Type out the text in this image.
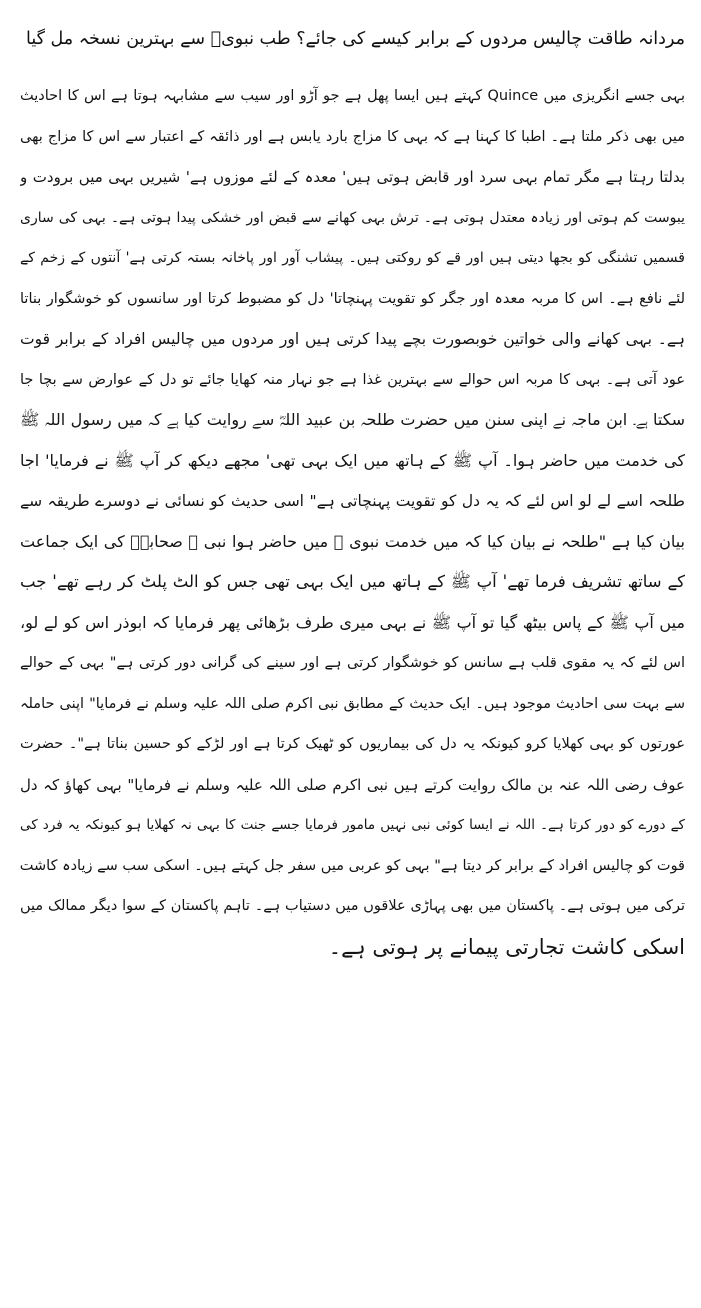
مردانہ طاقت چالیس مردوں کے برابر کیسے کی جائے؟ طب نبویؐ سے بہترین نسخہ مل گیا
بہی جسے انگریزی میں Quince کہتے ہیں ایسا پھل ہے جو آڑو اور سیب سے مشابہہ ہوتا ہے اس کا احادیث
میں بھی ذکر ملتا ہے۔ اطبا کا کہنا ہے کہ بہی کا مزاج بارد یابس ہے اور ذائقہ کے اعتبار سے اس کا مزاج بھی
بدلتا رہتا ہے مگر تمام بہی سرد اور قابض ہوتی ہیں' معدہ کے لئے موزوں ہے' شیریں بہی میں برودت و
یبوست کم ہوتی اور زیادہ معتدل ہوتی ہے۔ ترش بہی کھانے سے قبض اور خشکی پیدا ہوتی ہے۔ بہی کی ساری
قسمیں تشنگی کو بجھا دیتی ہیں اور قے کو روکتی ہیں۔ پیشاب آور اور پاخانہ بستہ کرتی ہے' آنتوں کے زخم کے
لئے نافع ہے۔ اس کا مربہ معدہ اور جگر کو تقویت پہنچاتا' دل کو مضبوط کرتا اور سانسوں کو خوشگوار بناتا
ہے۔ بہی کھانے والی خواتین خوبصورت بچے پیدا کرتی ہیں اور مردوں میں چالیس افراد کے برابر قوت
عود آتی ہے۔ بہی کا مربہ اس حوالے سے بہترین غذا ہے جو نہار منہ کھایا جائے تو دل کے عوارض سے بچا جا
سکتا ہے۔ ابن ماجہ نے اپنی سنن میں حضرت طلحہ بن عبید اللہؓ سے روایت کیا ہے کہ میں رسول اللہ ﷺ
کی خدمت میں حاضر ہوا۔ آپ ﷺ کے ہاتھ میں ایک بہی تھی' مجھے دیکھ کر آپ ﷺ نے فرمایا' اجا
طلحہ اسے لے لو اس لئے کہ یہ دل کو تقویت پہنچاتی ہے" اسی حدیث کو نسائی نے دوسرے طریقہ سے
بیان کیا ہے "طلحہ نے بیان کیا کہ میں خدمت نبوی ﷺ میں حاضر ہوا نبی ﷺ صحابہؓ کی ایک جماعت
کے ساتھ تشریف فرما تھے' آپ ﷺ کے ہاتھ میں ایک بہی تھی جس کو الٹ پلٹ کر رہے تھے' جب
میں آپ ﷺ کے پاس بیٹھ گیا تو آپ ﷺ نے بہی میری طرف بڑھائی پھر فرمایا کہ ابوذر اس کو لے لو،
اس لئے کہ یہ مقوی قلب ہے سانس کو خوشگوار کرتی ہے اور سینے کی گرانی دور کرتی ہے" بہی کے حوالے
سے بہت سی احادیث موجود ہیں۔ ایک حدیث کے مطابق نبی اکرم صلی اللہ علیہ وسلم نے فرمایا" اپنی حاملہ
عورتوں کو بہی کھلایا کرو کیونکہ یہ دل کی بیماریوں کو ٹھیک کرتا ہے اور لڑکے کو حسین بناتا ہے"۔ حضرت
عوف رضی اللہ عنہ بن مالک روایت کرتے ہیں نبی اکرم صلی اللہ علیہ وسلم نے فرمایا" بہی کھاؤ کہ دل
کے دورے کو دور کرتا ہے۔ اللہ نے ایسا کوئی نبی نہیں مامور فرمایا جسے جنت کا بہی نہ کھلایا ہو کیونکہ یہ فرد کی
قوت کو چالیس افراد کے برابر کر دیتا ہے" بہی کو عربی میں سفر جل کہتے ہیں۔ اسکی سب سے زیادہ کاشت
ترکی میں ہوتی ہے۔ پاکستان میں بھی پہاڑی علاقوں میں دستیاب ہے۔ تاہم پاکستان کے سوا دیگر ممالک میں
اسکی کاشت تجارتی پیمانے پر ہوتی ہے۔
